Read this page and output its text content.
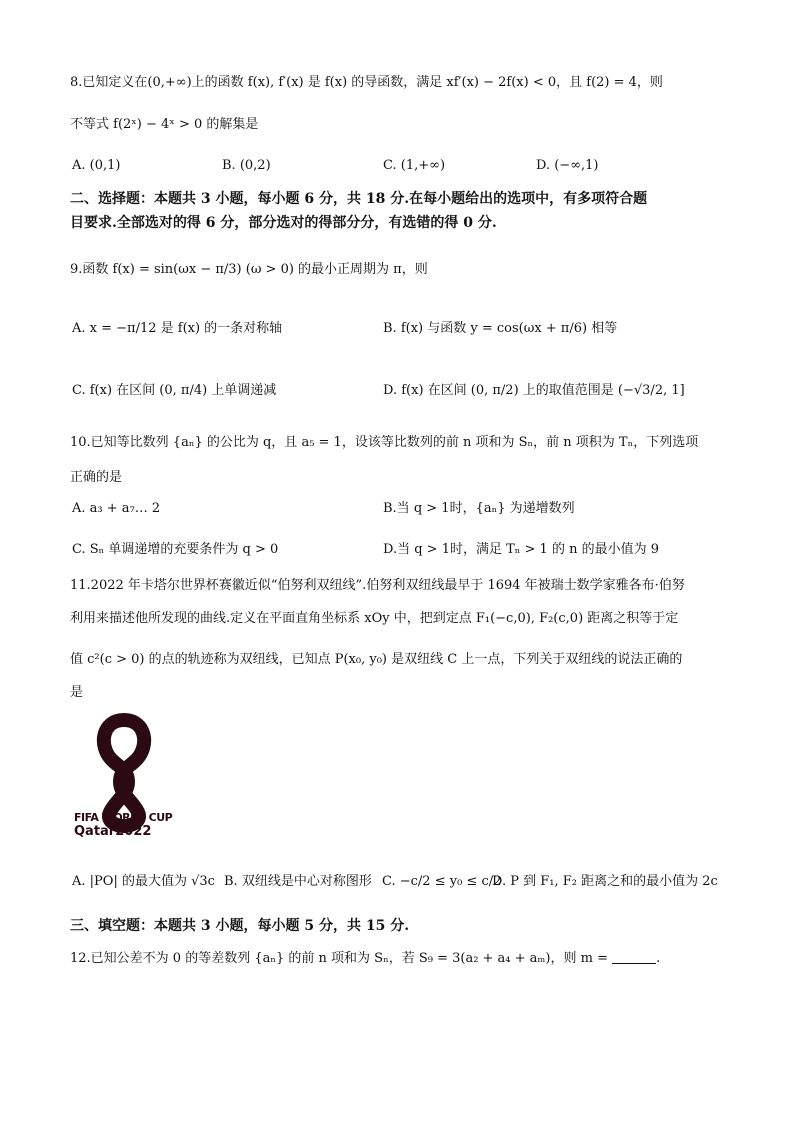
8.已知定义在(0,+∞)上的函数 f(x), f′(x) 是 f(x) 的导函数，满足 xf′(x) − 2f(x) < 0，且 f(2) = 4，则
不等式 f(2ˣ) − 4ˣ > 0 的解集是
A. (0,1)	B. (0,2)	C. (1,+∞)	D. (−∞,1)
二、选择题：本题共 3 小题，每小题 6 分，共 18 分.在每小题给出的选项中，有多项符合题
目要求.全部选对的得 6 分，部分选对的得部分分，有选错的得 0 分.
9.函数 f(x) = sin(ωx − π/3) (ω > 0) 的最小正周期为 π，则
A. x = −π/12 是 f(x) 的一条对称轴	B. f(x) 与函数 y = cos(ωx + π/6) 相等
C. f(x) 在区间 (0, π/4) 上单调递减	D. f(x) 在区间 (0, π/2) 上的取值范围是 (−√3/2, 1]
10.已知等比数列 {aₙ} 的公比为 q，且 a₅ = 1，设该等比数列的前 n 项和为 Sₙ，前 n 项积为 Tₙ，下列选项
正确的是
A. a₃ + a₇… 2	B.当 q > 1时，{aₙ} 为递增数列
C. Sₙ 单调递增的充要条件为 q > 0	D.当 q > 1时，满足 Tₙ > 1 的 n 的最小值为 9
11.2022 年卡塔尔世界杯赛徽近似“伯努利双纽线”.伯努利双纽线最早于 1694 年被瑞士数学家雅各布·伯努
利用来描述他所发现的曲线.定义在平面直角坐标系 xOy 中，把到定点 F₁(−c,0), F₂(c,0) 距离之积等于定
值 c²(c > 0) 的点的轨迹称为双纽线，已知点 P(x₀, y₀) 是双纽线 C 上一点，下列关于双纽线的说法正确的
是
FIFA WORLD CUP
Qatar2022
A. |PO| 的最大值为 √3c B. 双纽线是中心对称图形 C. −c/2 ≤ y₀ ≤ c/2
D. P 到 F₁, F₂ 距离之和的最小值为 2c
三、填空题：本题共 3 小题，每小题 5 分，共 15 分.
12.已知公差不为 0 的等差数列 {aₙ} 的前 n 项和为 Sₙ，若 S₉ = 3(a₂ + a₄ + aₘ)，则 m =	.
